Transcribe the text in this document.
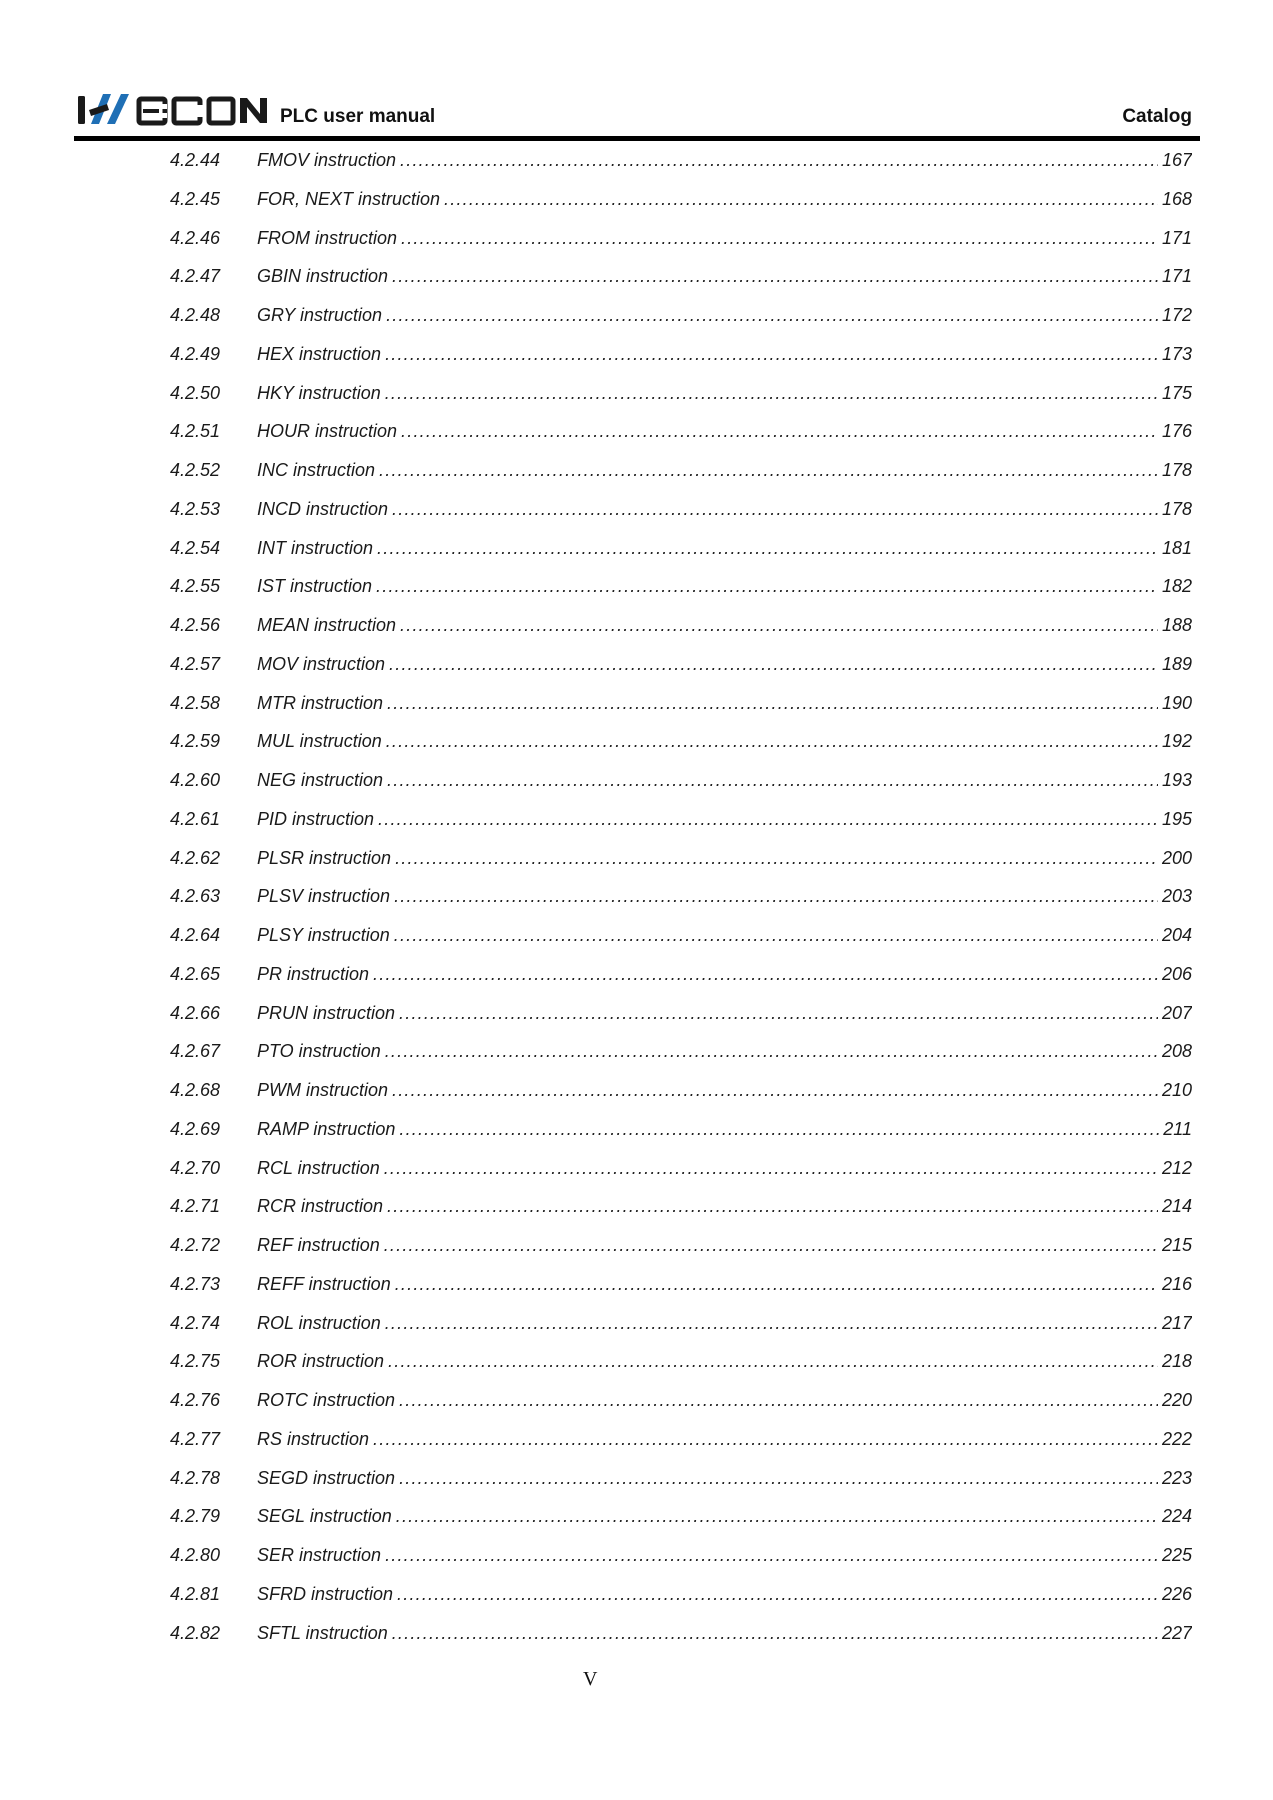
PLC user manual	Catalog
4.2.44	FMOV instruction .....	167
4.2.45	FOR, NEXT instruction .....	168
4.2.46	FROM instruction .....	171
4.2.47	GBIN instruction .....	171
4.2.48	GRY instruction .....	172
4.2.49	HEX instruction .....	173
4.2.50	HKY instruction .....	175
4.2.51	HOUR instruction .....	176
4.2.52	INC instruction .....	178
4.2.53	INCD instruction .....	178
4.2.54	INT instruction .....	181
4.2.55	IST instruction .....	182
4.2.56	MEAN instruction .....	188
4.2.57	MOV instruction .....	189
4.2.58	MTR instruction .....	190
4.2.59	MUL instruction .....	192
4.2.60	NEG instruction .....	193
4.2.61	PID instruction .....	195
4.2.62	PLSR instruction .....	200
4.2.63	PLSV instruction .....	203
4.2.64	PLSY instruction .....	204
4.2.65	PR instruction .....	206
4.2.66	PRUN instruction .....	207
4.2.67	PTO instruction .....	208
4.2.68	PWM instruction .....	210
4.2.69	RAMP instruction .....	211
4.2.70	RCL instruction .....	212
4.2.71	RCR instruction .....	214
4.2.72	REF instruction .....	215
4.2.73	REFF instruction .....	216
4.2.74	ROL instruction .....	217
4.2.75	ROR instruction .....	218
4.2.76	ROTC instruction .....	220
4.2.77	RS instruction .....	222
4.2.78	SEGD instruction .....	223
4.2.79	SEGL instruction .....	224
4.2.80	SER instruction .....	225
4.2.81	SFRD instruction .....	226
4.2.82	SFTL instruction .....	227
V
